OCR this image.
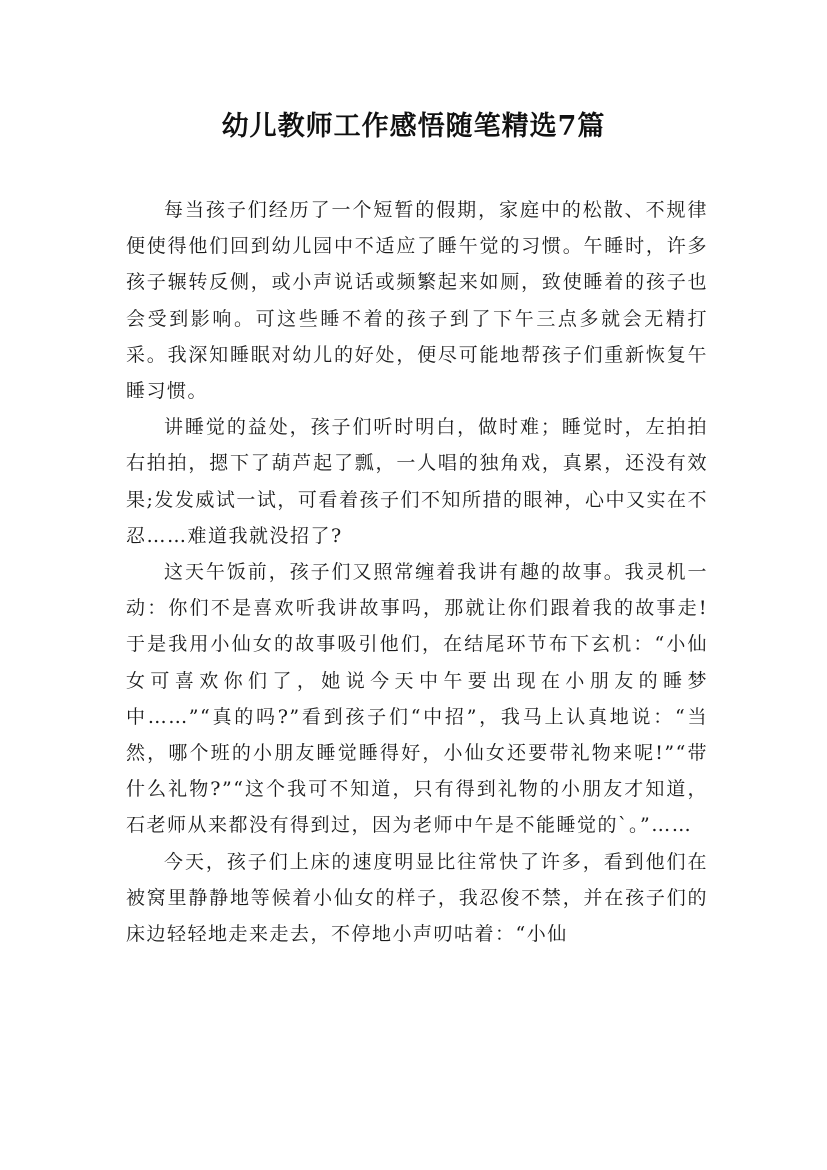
幼儿教师工作感悟随笔精选7篇

每当孩子们经历了一个短暂的假期，家庭中的松散、不规律便使得他们回到幼儿园中不适应了睡午觉的习惯。午睡时，许多孩子辗转反侧，或小声说话或频繁起来如厕，致使睡着的孩子也会受到影响。可这些睡不着的孩子到了下午三点多就会无精打采。我深知睡眠对幼儿的好处，便尽可能地帮孩子们重新恢复午睡习惯。

讲睡觉的益处，孩子们听时明白，做时难；睡觉时，左拍拍右拍拍，摁下了葫芦起了瓢，一人唱的独角戏，真累，还没有效果;发发威试一试，可看着孩子们不知所措的眼神，心中又实在不忍……难道我就没招了?

这天午饭前，孩子们又照常缠着我讲有趣的故事。我灵机一动：你们不是喜欢听我讲故事吗，那就让你们跟着我的故事走!于是我用小仙女的故事吸引他们，在结尾环节布下玄机：“小仙女可喜欢你们了，她说今天中午要出现在小朋友的睡梦中……”“真的吗?”看到孩子们“中招”，我马上认真地说：“当然，哪个班的小朋友睡觉睡得好，小仙女还要带礼物来呢!”“带什么礼物?”“这个我可不知道，只有得到礼物的小朋友才知道，石老师从来都没有得到过，因为老师中午是不能睡觉的`。”……

今天，孩子们上床的速度明显比往常快了许多，看到他们在被窝里静静地等候着小仙女的样子，我忍俊不禁，并在孩子们的床边轻轻地走来走去，不停地小声叨咕着：“小仙
